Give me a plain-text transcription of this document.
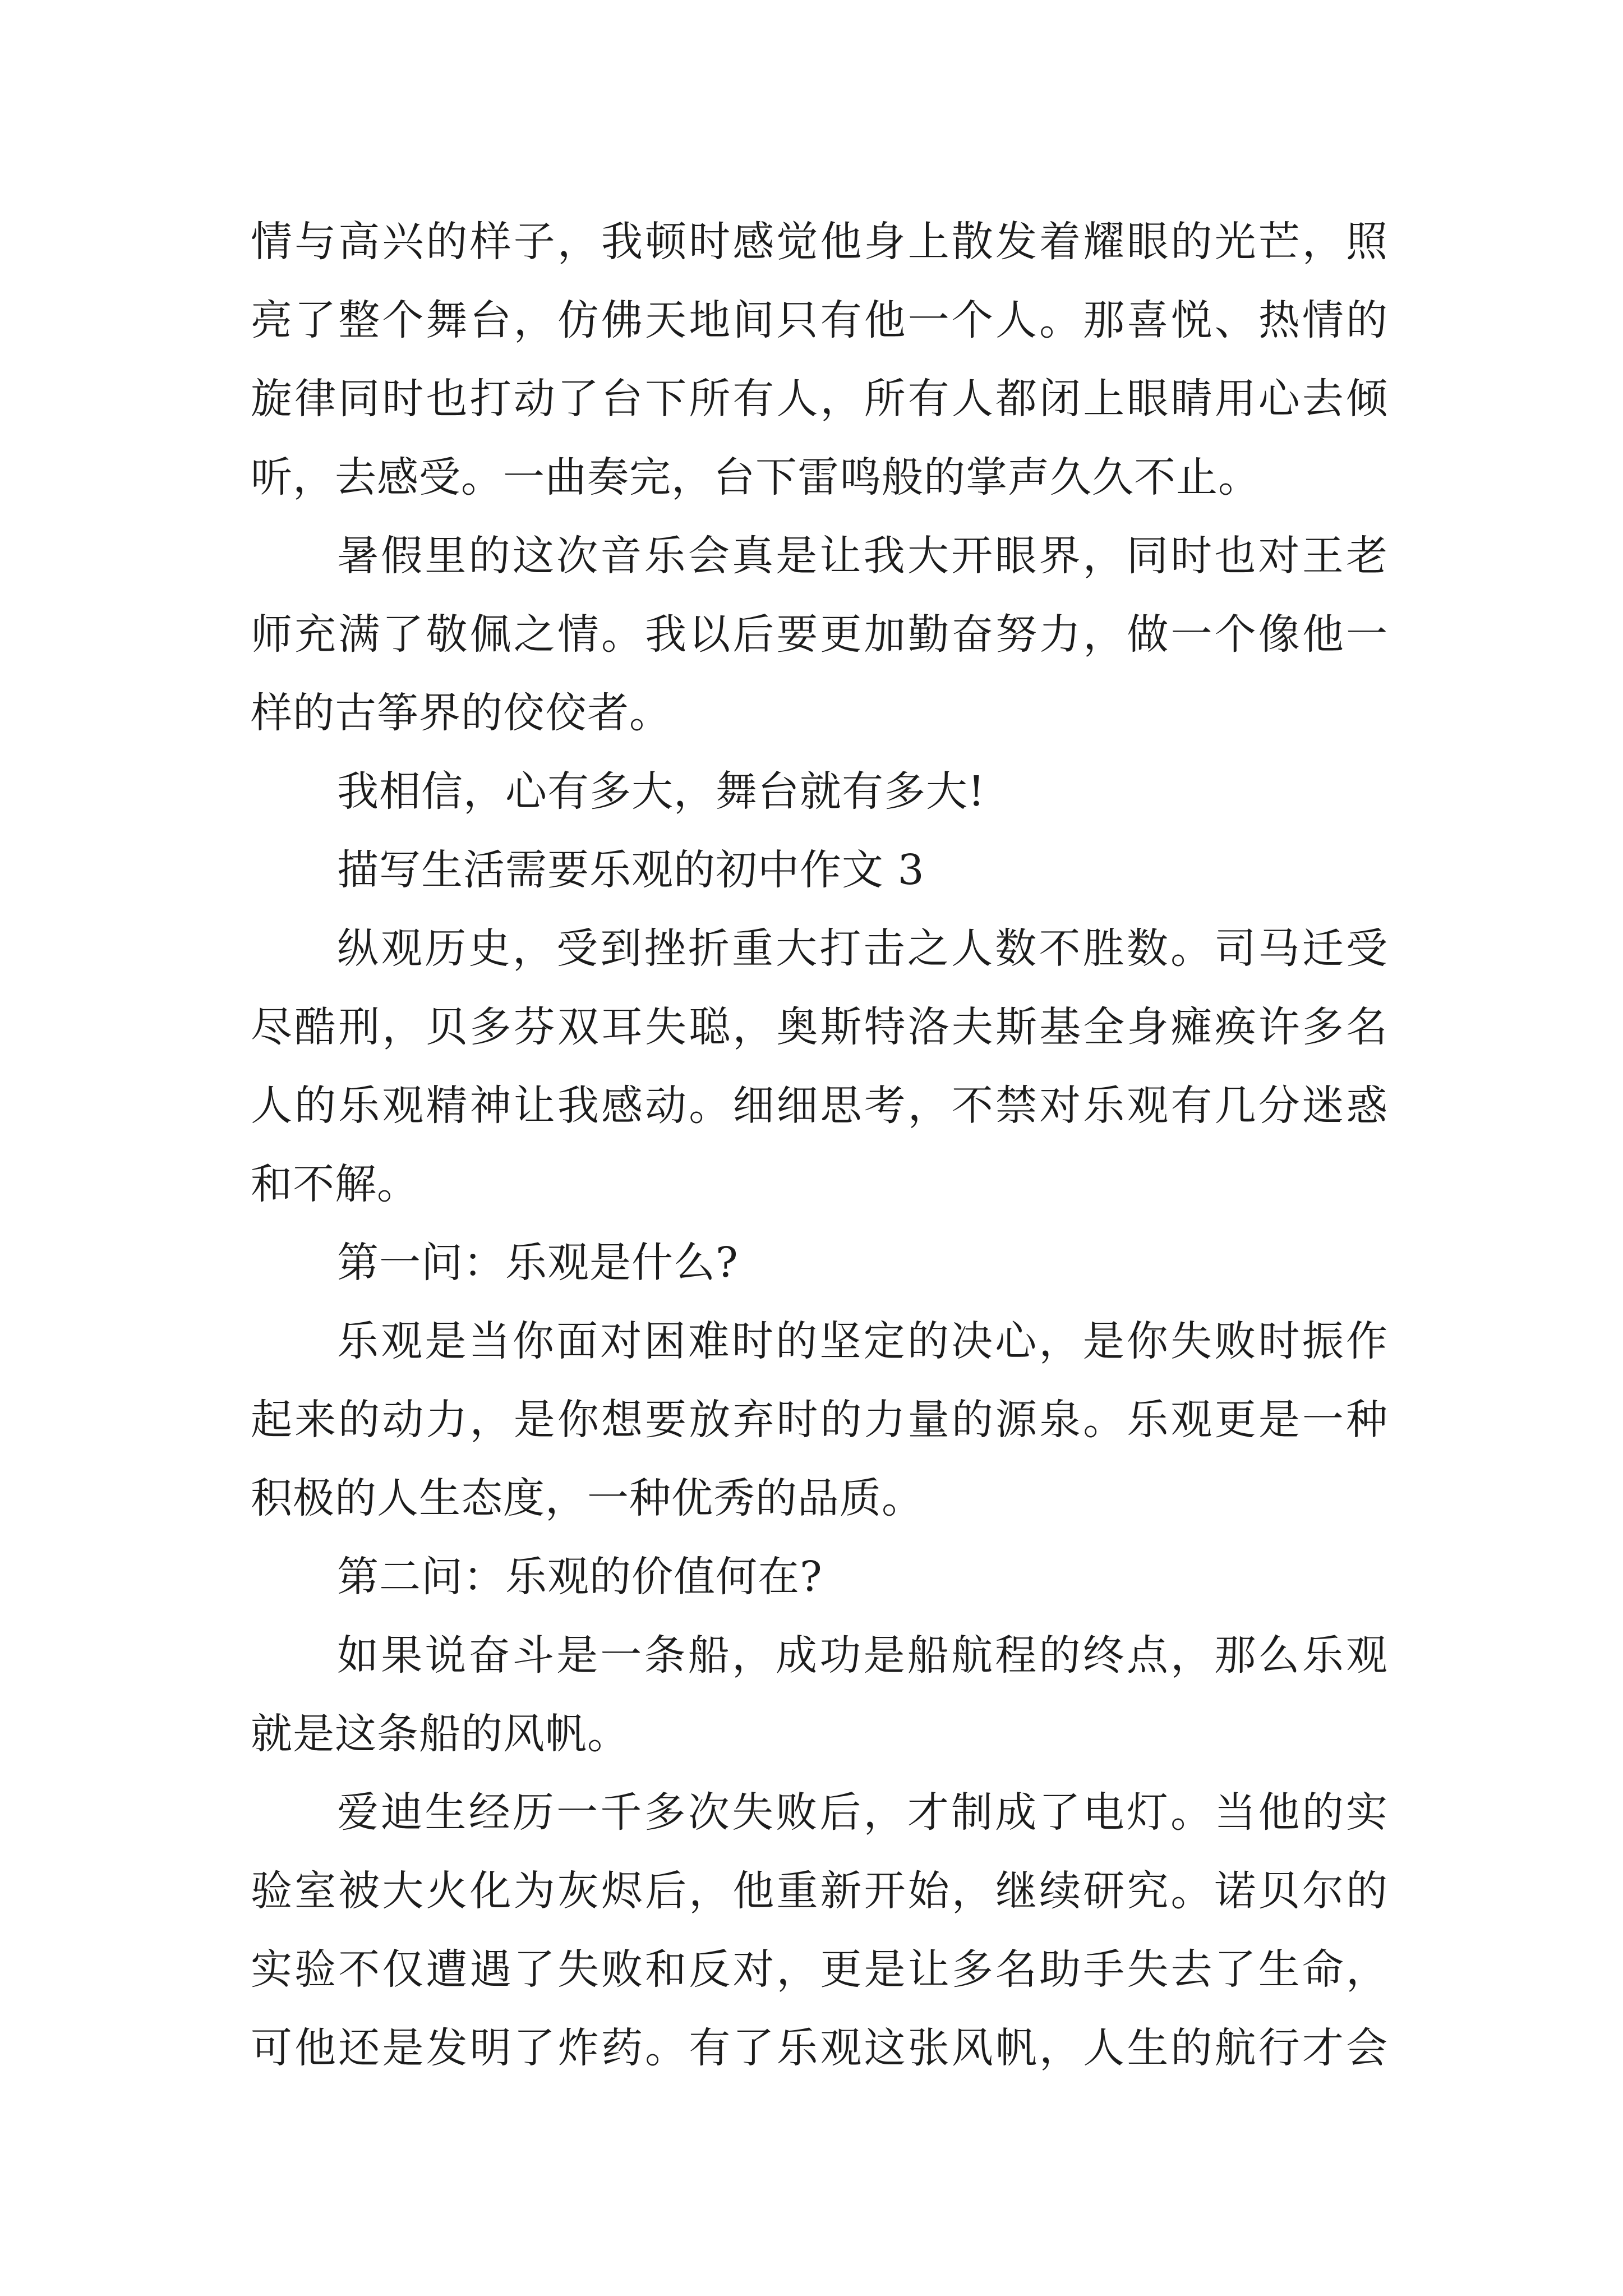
情与高兴的样子，我顿时感觉他身上散发着耀眼的光芒，照
亮了整个舞台，仿佛天地间只有他一个人。那喜悦、热情的
旋律同时也打动了台下所有人，所有人都闭上眼睛用心去倾
听，去感受。一曲奏完，台下雷鸣般的掌声久久不止。
暑假里的这次音乐会真是让我大开眼界，同时也对王老
师充满了敬佩之情。我以后要更加勤奋努力，做一个像他一
样的古筝界的佼佼者。
我相信，心有多大，舞台就有多大!
描写生活需要乐观的初中作文 3
纵观历史，受到挫折重大打击之人数不胜数。司马迁受
尽酷刑，贝多芬双耳失聪，奥斯特洛夫斯基全身瘫痪许多名
人的乐观精神让我感动。细细思考，不禁对乐观有几分迷惑
和不解。
第一问：乐观是什么?
乐观是当你面对困难时的坚定的决心，是你失败时振作
起来的动力，是你想要放弃时的力量的源泉。乐观更是一种
积极的人生态度，一种优秀的品质。
第二问：乐观的价值何在?
如果说奋斗是一条船，成功是船航程的终点，那么乐观
就是这条船的风帆。
爱迪生经历一千多次失败后，才制成了电灯。当他的实
验室被大火化为灰烬后，他重新开始，继续研究。诺贝尔的
实验不仅遭遇了失败和反对，更是让多名助手失去了生命，
可他还是发明了炸药。有了乐观这张风帆，人生的航行才会
